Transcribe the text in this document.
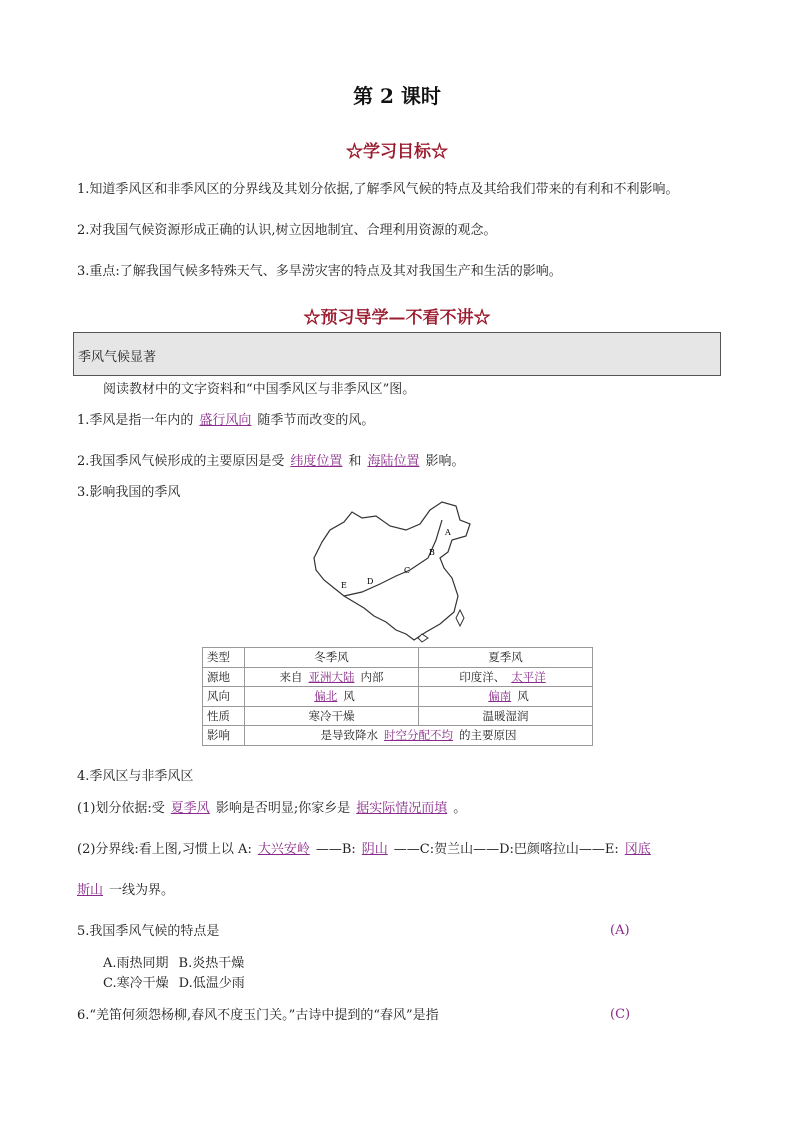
第 2 课时
☆学习目标☆
1.知道季风区和非季风区的分界线及其划分依据,了解季风气候的特点及其给我们带来的有利和不利影响。
2.对我国气候资源形成正确的认识,树立因地制宜、合理利用资源的观念。
3.重点:了解我国气候多特殊天气、多旱涝灾害的特点及其对我国生产和生活的影响。
☆预习导学—不看不讲☆
季风气候显著
阅读教材中的文字资料和“中国季风区与非季风区”图。
1.季风是指一年内的 盛行风向 随季节而改变的风。
2.我国季风气候形成的主要原因是受 纬度位置 和 海陆位置 影响。
3.影响我国的季风
A
B
C
D
E
类型	冬季风	夏季风
源地	来自 亚洲大陆 内部	印度洋、 太平洋
风向	偏北 风	偏南 风
性质	寒冷干燥	温暖湿润
影响	是导致降水 时空分配不均 的主要原因	
4.季风区与非季风区
(1)划分依据:受 夏季风 影响是否明显;你家乡是 据实际情况而填 。
(2)分界线:看上图,习惯上以 A: 大兴安岭 ——B: 阴山 ——C:贺兰山——D:巴颜喀拉山——E: 冈底
斯山 一线为界。
5.我国季风气候的特点是	(A)
A.雨热同期 B.炎热干燥
C.寒冷干燥 D.低温少雨
6.“羌笛何须怨杨柳,春风不度玉门关。”古诗中提到的“春风”是指	(C)
